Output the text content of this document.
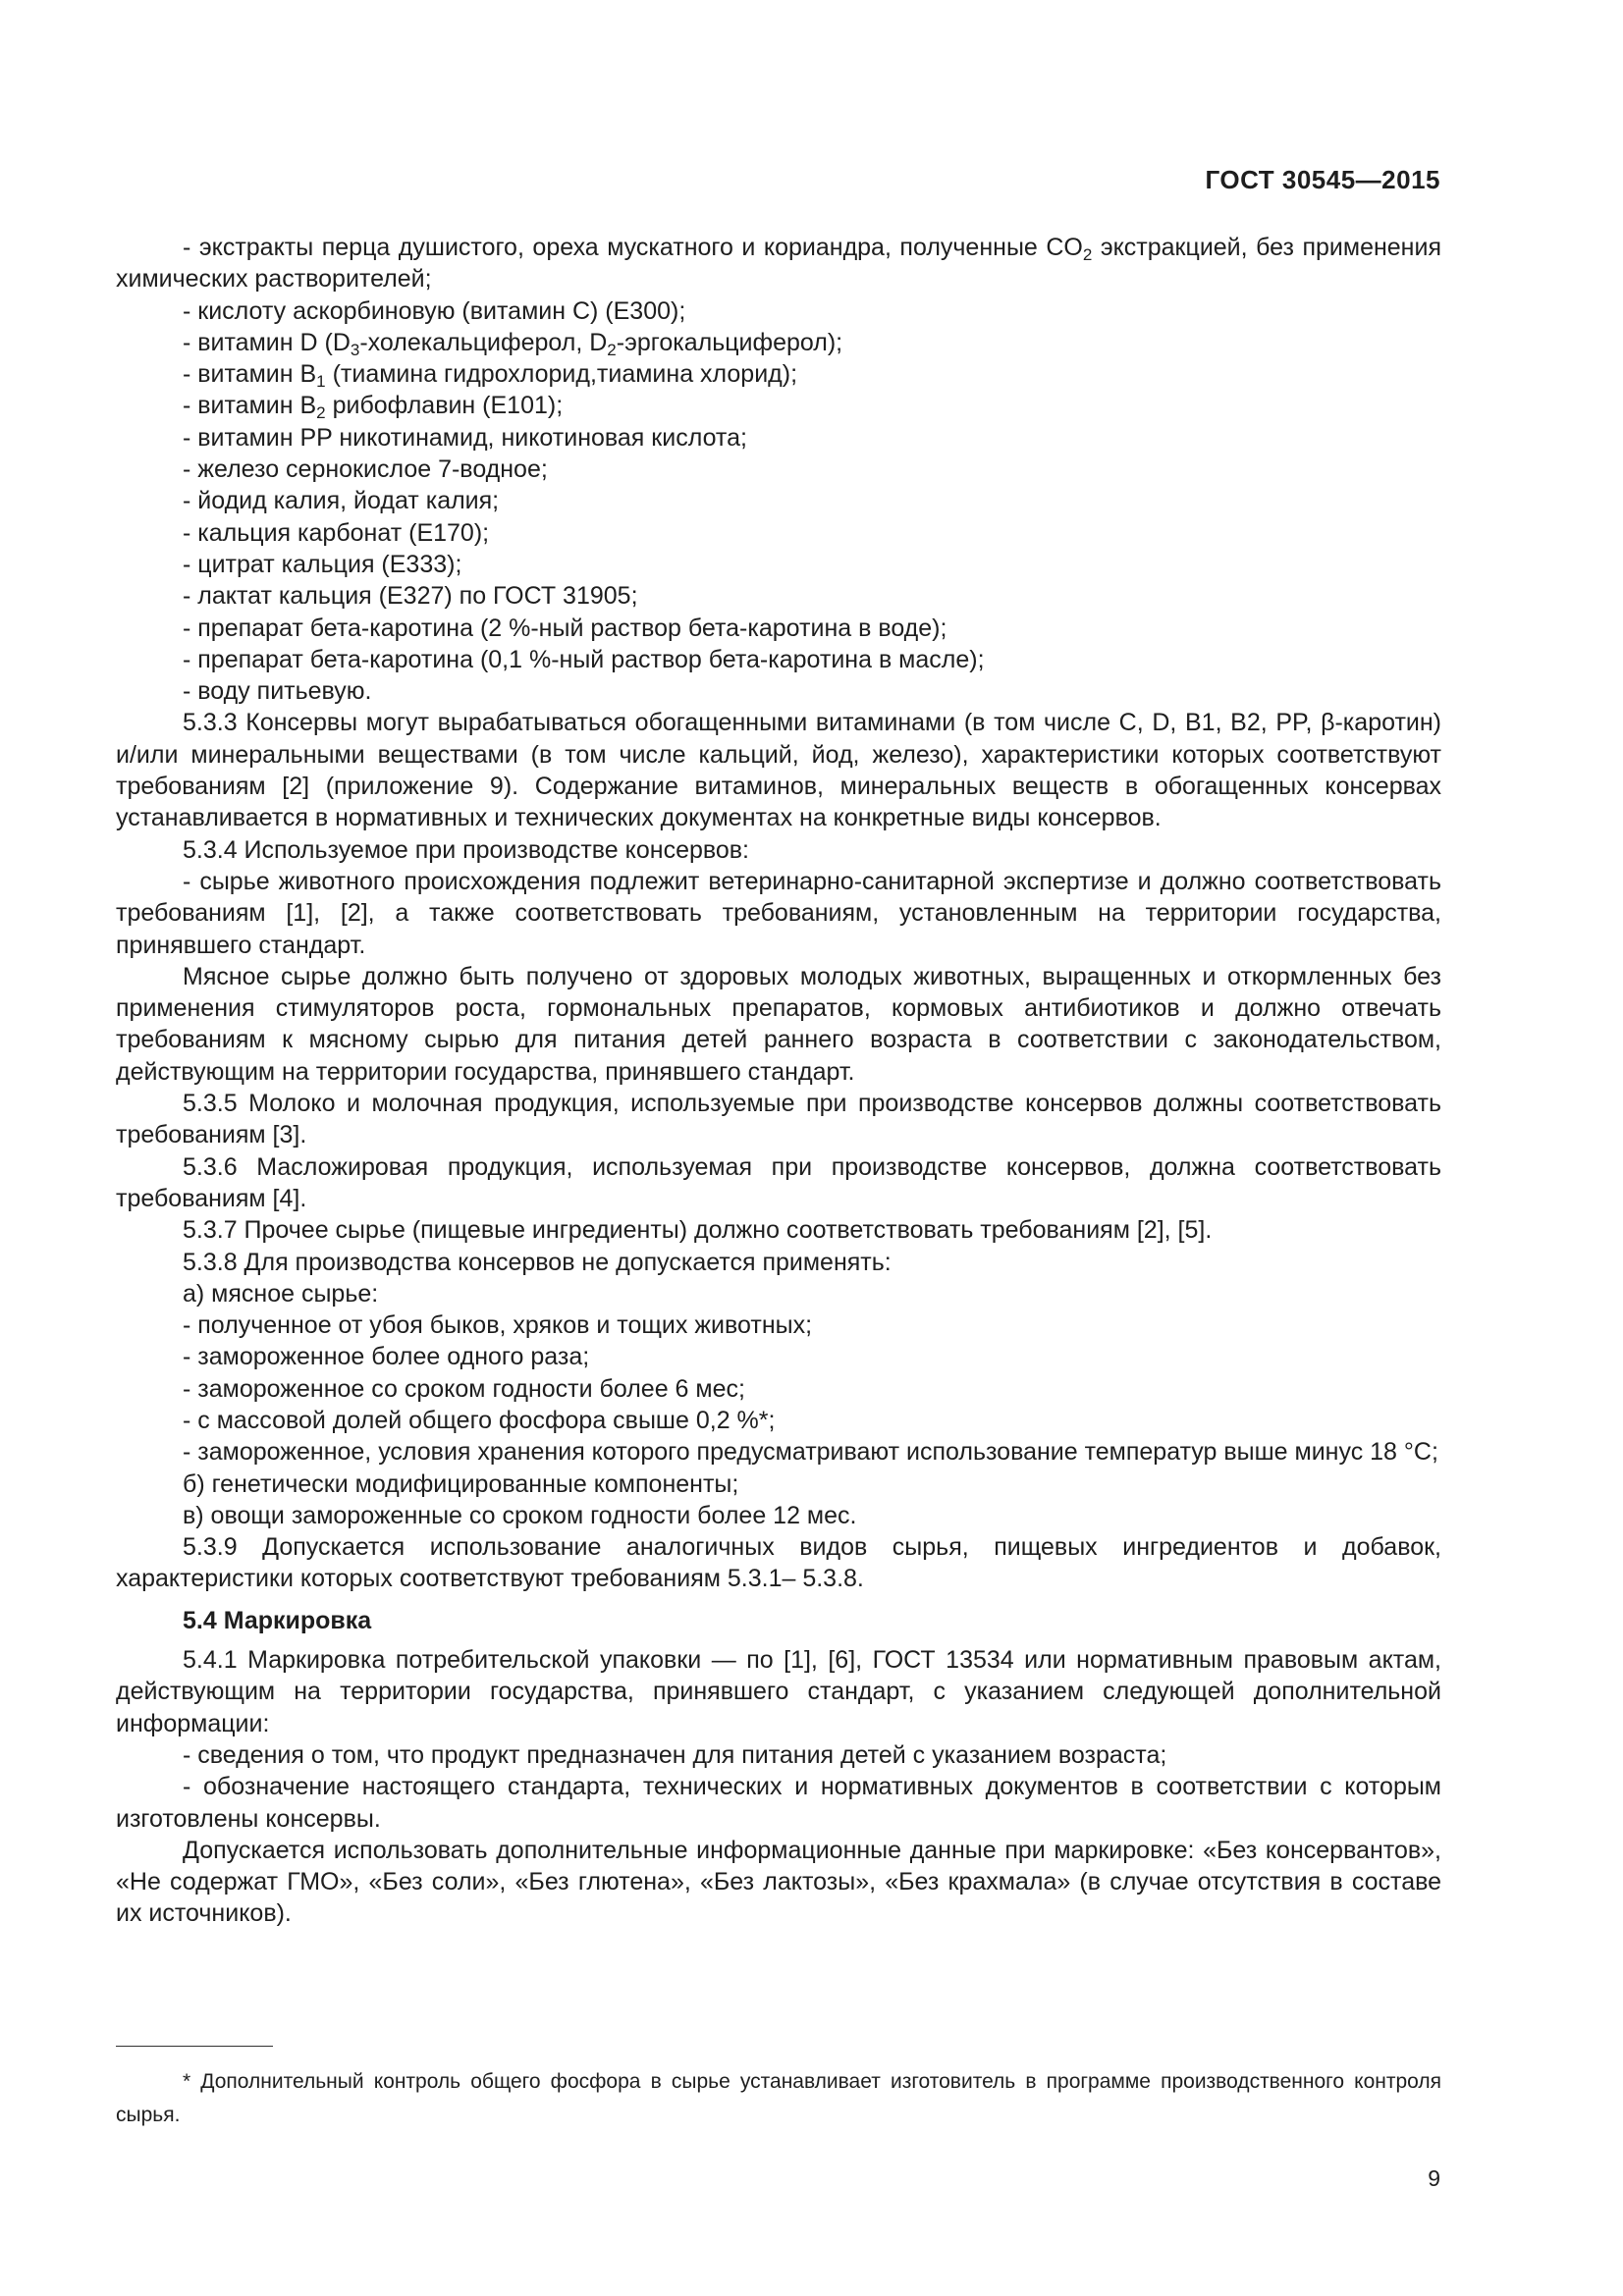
ГОСТ 30545—2015

- экстракты перца душистого, ореха мускатного и кориандра, полученные $CO_2$ экстракцией, без применения химических растворителей;

- кислоту аскорбиновую (витамин С) (Е300);

- витамин D ($D_3$-холекальциферол, $D_2-эргокальциферол$);

- витамин $B_1$ (тиамина гидрохлорид,тиамина хлорид);

- витамин $B_2$ рибофлавин (Е101);

- витамин PP никотинамид, никотиновая кислота;

- железо сернокислое 7-водное;

- йодид калия, йодат калия;

- кальция карбонат (Е170);

- цитрат кальция (Е333);

- лактат кальция (Е327) по ГОСТ 31905;

- препарат бета-каротина (2 %-ный раствор бета-каротина в воде);

- препарат бета-каротина (0,1 %-ный раствор бета-каротина в масле);

- воду питьевую.

5.3.3 Консервы могут вырабатываться обогащенными витаминами (в том числе С, D, В1, В2, PP, β-каротин) и/или минеральными веществами (в том числе кальций, йод, железо), характеристики которых соответствуют требованиям [2] (приложение 9). Содержание витаминов, минеральных веществ в обогащенных консервах устанавливается в нормативных и технических документах на конкретные виды консервов.

5.3.4 Используемое при производстве консервов:

- сырье животного происхождения подлежит ветеринарно-санитарной экспертизе и должно соответствовать требованиям [1], [2], а также соответствовать требованиям, установленным на территории государства, принявшего стандарт.

Мясное сырье должно быть получено от здоровых молодых животных, выращенных и откормленных без применения стимуляторов роста, гормональных препаратов, кормовых антибиотиков и должно отвечать требованиям к мясному сырью для питания детей раннего возраста в соответствии с законодательством, действующим на территории государства, принявшего стандарт.

5.3.5 Молоко и молочная продукция, используемые при производстве консервов должны соответствовать требованиям [3].

5.3.6 Масложировая продукция, используемая при производстве консервов, должна соответствовать требованиям [4].

5.3.7 Прочее сырье (пищевые ингредиенты) должно соответствовать требованиям [2], [5].

5.3.8 Для производства консервов не допускается применять:

а) мясное сырье:

- полученное от убоя быков, хряков и тощих животных;

- замороженное более одного раза;

- замороженное со сроком годности более 6 мес;

- с массовой долей общего фосфора свыше 0,2 %*;

- замороженное, условия хранения которого предусматривают использование температур выше минус 18 °С;

б) генетически модифицированные компоненты;

в) овощи замороженные со сроком годности более 12 мес.

5.3.9 Допускается использование аналогичных видов сырья, пищевых ингредиентов и добавок, характеристики которых соответствуют требованиям 5.3.1– 5.3.8.

5.4 Маркировка

5.4.1 Маркировка потребительской упаковки — по [1], [6], ГОСТ 13534 или нормативным правовым актам, действующим на территории государства, принявшего стандарт, с указанием следующей дополнительной информации:

- сведения о том, что продукт предназначен для питания детей с указанием возраста;

- обозначение настоящего стандарта, технических и нормативных документов в соответствии с которым изготовлены консервы.

Допускается использовать дополнительные информационные данные при маркировке: «Без консервантов», «Не содержат ГМО», «Без соли», «Без глютена», «Без лактозы», «Без крахмала» (в случае отсутствия в составе их источников).

* Дополнительный контроль общего фосфора в сырье устанавливает изготовитель в программе производственного контроля сырья.
9
